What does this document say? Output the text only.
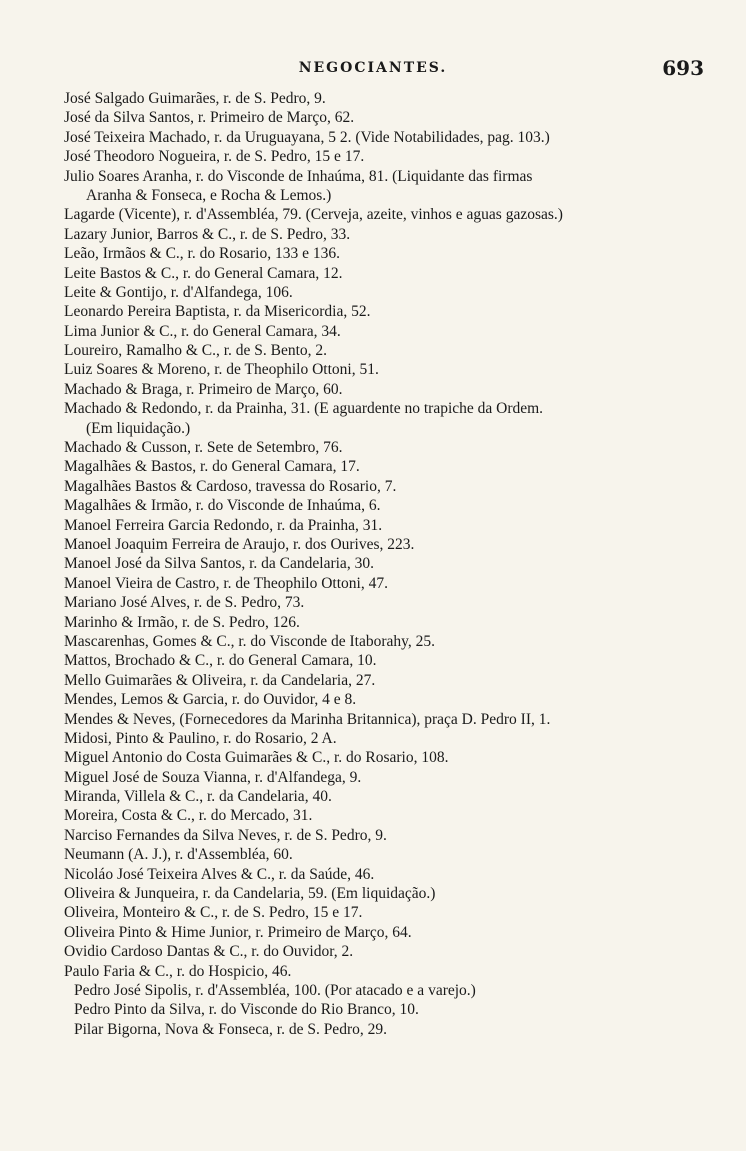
NEGOCIANTES.	693
José Salgado Guimarães, r. de S. Pedro, 9.
José da Silva Santos, r. Primeiro de Março, 62.
José Teixeira Machado, r. da Uruguayana, 5 2. (Vide Notabilidades, pag. 103.)
José Theodoro Nogueira, r. de S. Pedro, 15 e 17.
Julio Soares Aranha, r. do Visconde de Inhaúma, 81. (Liquidante das firmas
Aranha & Fonseca, e Rocha & Lemos.)
Lagarde (Vicente), r. d'Assembléa, 79. (Cerveja, azeite, vinhos e aguas gazosas.)
Lazary Junior, Barros & C., r. de S. Pedro, 33.
Leão, Irmãos & C., r. do Rosario, 133 e 136.
Leite Bastos & C., r. do General Camara, 12.
Leite & Gontijo, r. d'Alfandega, 106.
Leonardo Pereira Baptista, r. da Misericordia, 52.
Lima Junior & C., r. do General Camara, 34.
Loureiro, Ramalho & C., r. de S. Bento, 2.
Luiz Soares & Moreno, r. de Theophilo Ottoni, 51.
Machado & Braga, r. Primeiro de Março, 60.
Machado & Redondo, r. da Prainha, 31. (E aguardente no trapiche da Ordem.
(Em liquidação.)
Machado & Cusson, r. Sete de Setembro, 76.
Magalhães & Bastos, r. do General Camara, 17.
Magalhães Bastos & Cardoso, travessa do Rosario, 7.
Magalhães & Irmão, r. do Visconde de Inhaúma, 6.
Manoel Ferreira Garcia Redondo, r. da Prainha, 31.
Manoel Joaquim Ferreira de Araujo, r. dos Ourives, 223.
Manoel José da Silva Santos, r. da Candelaria, 30.
Manoel Vieira de Castro, r. de Theophilo Ottoni, 47.
Mariano José Alves, r. de S. Pedro, 73.
Marinho & Irmão, r. de S. Pedro, 126.
Mascarenhas, Gomes & C., r. do Visconde de Itaborahy, 25.
Mattos, Brochado & C., r. do General Camara, 10.
Mello Guimarães & Oliveira, r. da Candelaria, 27.
Mendes, Lemos & Garcia, r. do Ouvidor, 4 e 8.
Mendes & Neves, (Fornecedores da Marinha Britannica), praça D. Pedro II, 1.
Midosi, Pinto & Paulino, r. do Rosario, 2 A.
Miguel Antonio do Costa Guimarães & C., r. do Rosario, 108.
Miguel José de Souza Vianna, r. d'Alfandega, 9.
Miranda, Villela & C., r. da Candelaria, 40.
Moreira, Costa & C., r. do Mercado, 31.
Narciso Fernandes da Silva Neves, r. de S. Pedro, 9.
Neumann (A. J.), r. d'Assembléa, 60.
Nicoláo José Teixeira Alves & C., r. da Saúde, 46.
Oliveira & Junqueira, r. da Candelaria, 59. (Em liquidação.)
Oliveira, Monteiro & C., r. de S. Pedro, 15 e 17.
Oliveira Pinto & Hime Junior, r. Primeiro de Março, 64.
Ovidio Cardoso Dantas & C., r. do Ouvidor, 2.
Paulo Faria & C., r. do Hospicio, 46.
Pedro José Sipolis, r. d'Assembléa, 100. (Por atacado e a varejo.)
Pedro Pinto da Silva, r. do Visconde do Rio Branco, 10.
Pilar Bigorna, Nova & Fonseca, r. de S. Pedro, 29.
